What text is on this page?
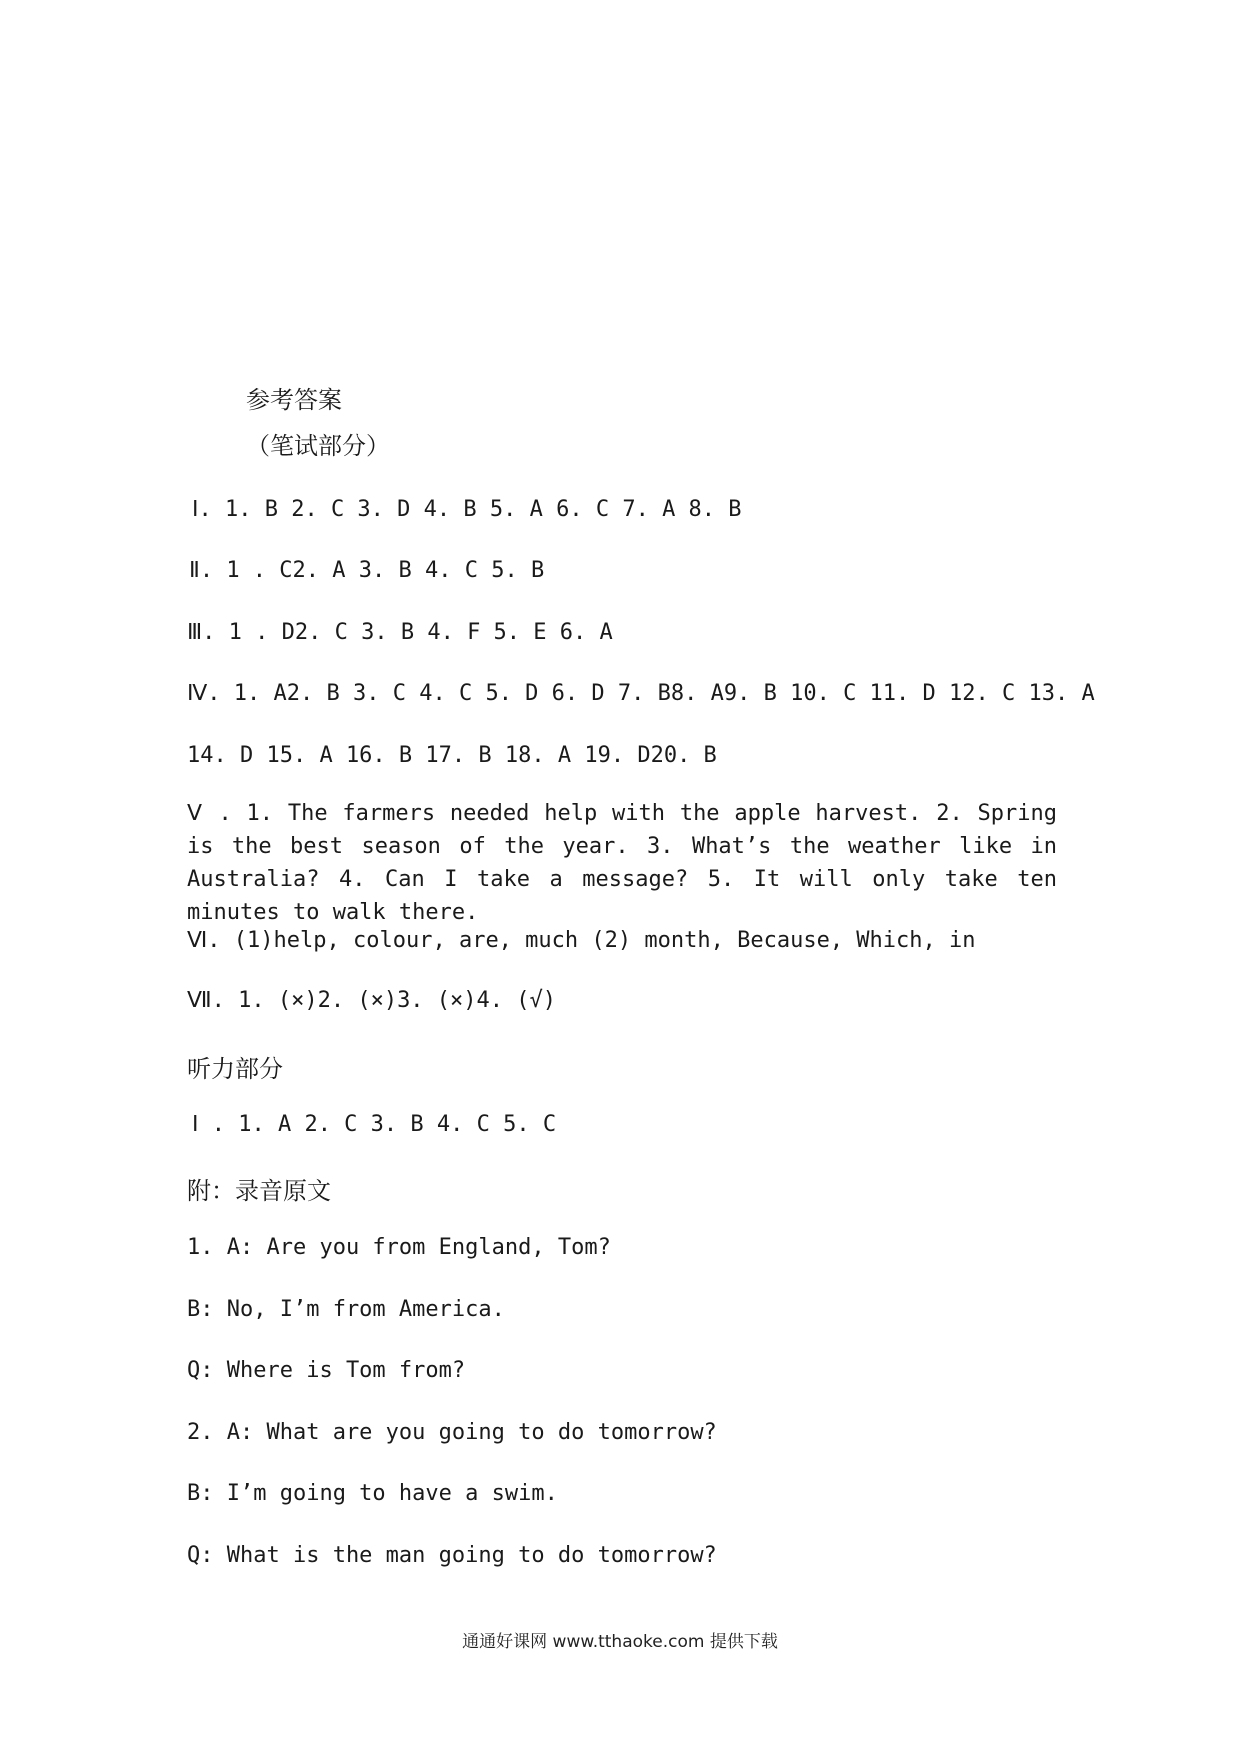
参考答案
（笔试部分）
Ⅰ. 1. B 2. C 3. D 4. B 5. A 6. C 7. A 8. B
Ⅱ. 1 . C2. A 3. B 4. C 5. B
Ⅲ. 1 . D2. C 3. B 4. F 5. E 6. A
Ⅳ. 1. A2. B 3. C 4. C 5. D 6. D 7. B8. A9. B 10. C 11. D 12. C 13. A
14. D 15. A 16. B 17. B 18. A 19. D20. B
Ⅴ . 1. The farmers needed help with the apple harvest. 2. Spring is the best season of the year. 3. What’s the weather like in Australia? 4. Can I take a message? 5. It will only take ten minutes to walk there.
Ⅵ. (1)help, colour, are, much (2) month, Because, Which, in
Ⅶ. 1. (×)2. (×)3. (×)4. (√)
听力部分
Ⅰ . 1. A 2. C 3. B 4. C 5. C
附：录音原文
1. A: Are you from England, Tom?
B: No, I’m from America.
Q: Where is Tom from?
2. A: What are you going to do tomorrow?
B: I’m going to have a swim.
Q: What is the man going to do tomorrow?
通通好课网 www.tthaoke.com 提供下载
